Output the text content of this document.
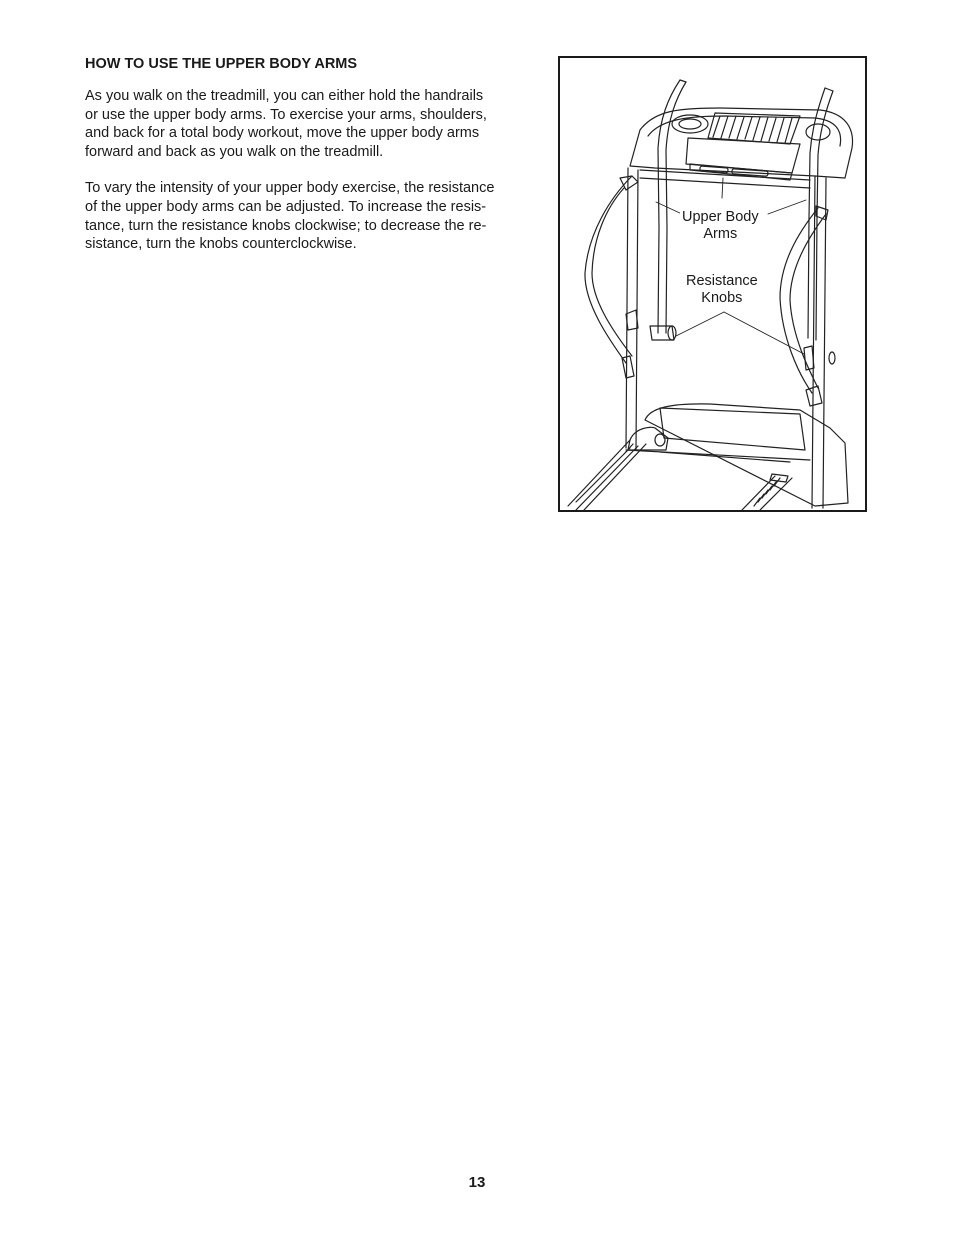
HOW TO USE THE UPPER BODY ARMS
As you walk on the treadmill, you can either hold the handrails
or use the upper body arms. To exercise your arms, shoulders,
and back for a total body workout, move the upper body arms
forward and back as you walk on the treadmill.
To vary the intensity of your upper body exercise, the resistance
of the upper body arms can be adjusted. To increase the resis-
tance, turn the resistance knobs clockwise; to decrease the re-
sistance, turn the knobs counterclockwise.
Upper Body
Arms
Resistance
Knobs
13
